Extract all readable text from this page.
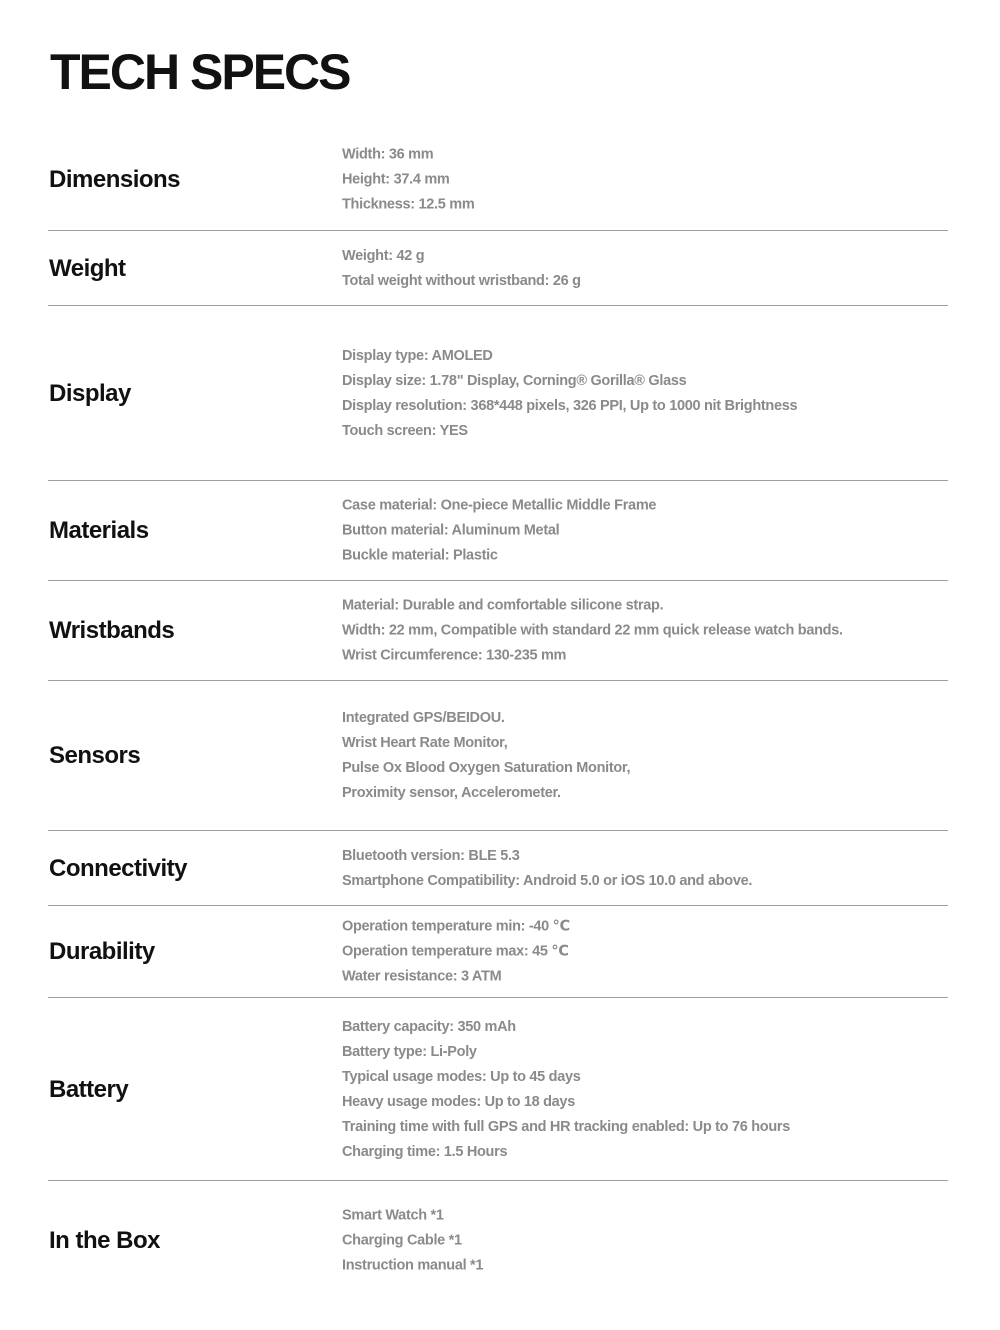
TECH SPECS
Dimensions
Width: 36 mm
Height: 37.4 mm
Thickness: 12.5 mm
Weight	Weight: 42 g
Total weight without wristband: 26 g
Display
Display type: AMOLED
Display size: 1.78" Display, Corning® Gorilla® Glass
Display resolution: 368*448 pixels, 326 PPI, Up to 1000 nit Brightness
Touch screen: YES
Materials
Case material: One-piece Metallic Middle Frame
Button material: Aluminum Metal
Buckle material: Plastic
Wristbands
Material: Durable and comfortable silicone strap.
Width: 22 mm, Compatible with standard 22 mm quick release watch bands.
Wrist Circumference: 130-235 mm
Sensors
Integrated GPS/BEIDOU.
Wrist Heart Rate Monitor,
Pulse Ox Blood Oxygen Saturation Monitor,
Proximity sensor, Accelerometer.
Connectivity	Bluetooth version: BLE 5.3
Smartphone Compatibility: Android 5.0 or iOS 10.0 and above.
Durability
Operation temperature min: -40 ℃
Operation temperature max: 45 ℃
Water resistance: 3 ATM
Battery
Battery capacity: 350 mAh
Battery type: Li-Poly
Typical usage modes: Up to 45 days
Heavy usage modes: Up to 18 days
Training time with full GPS and HR tracking enabled: Up to 76 hours
Charging time: 1.5 Hours
In the Box
Smart Watch *1
Charging Cable *1
Instruction manual *1
